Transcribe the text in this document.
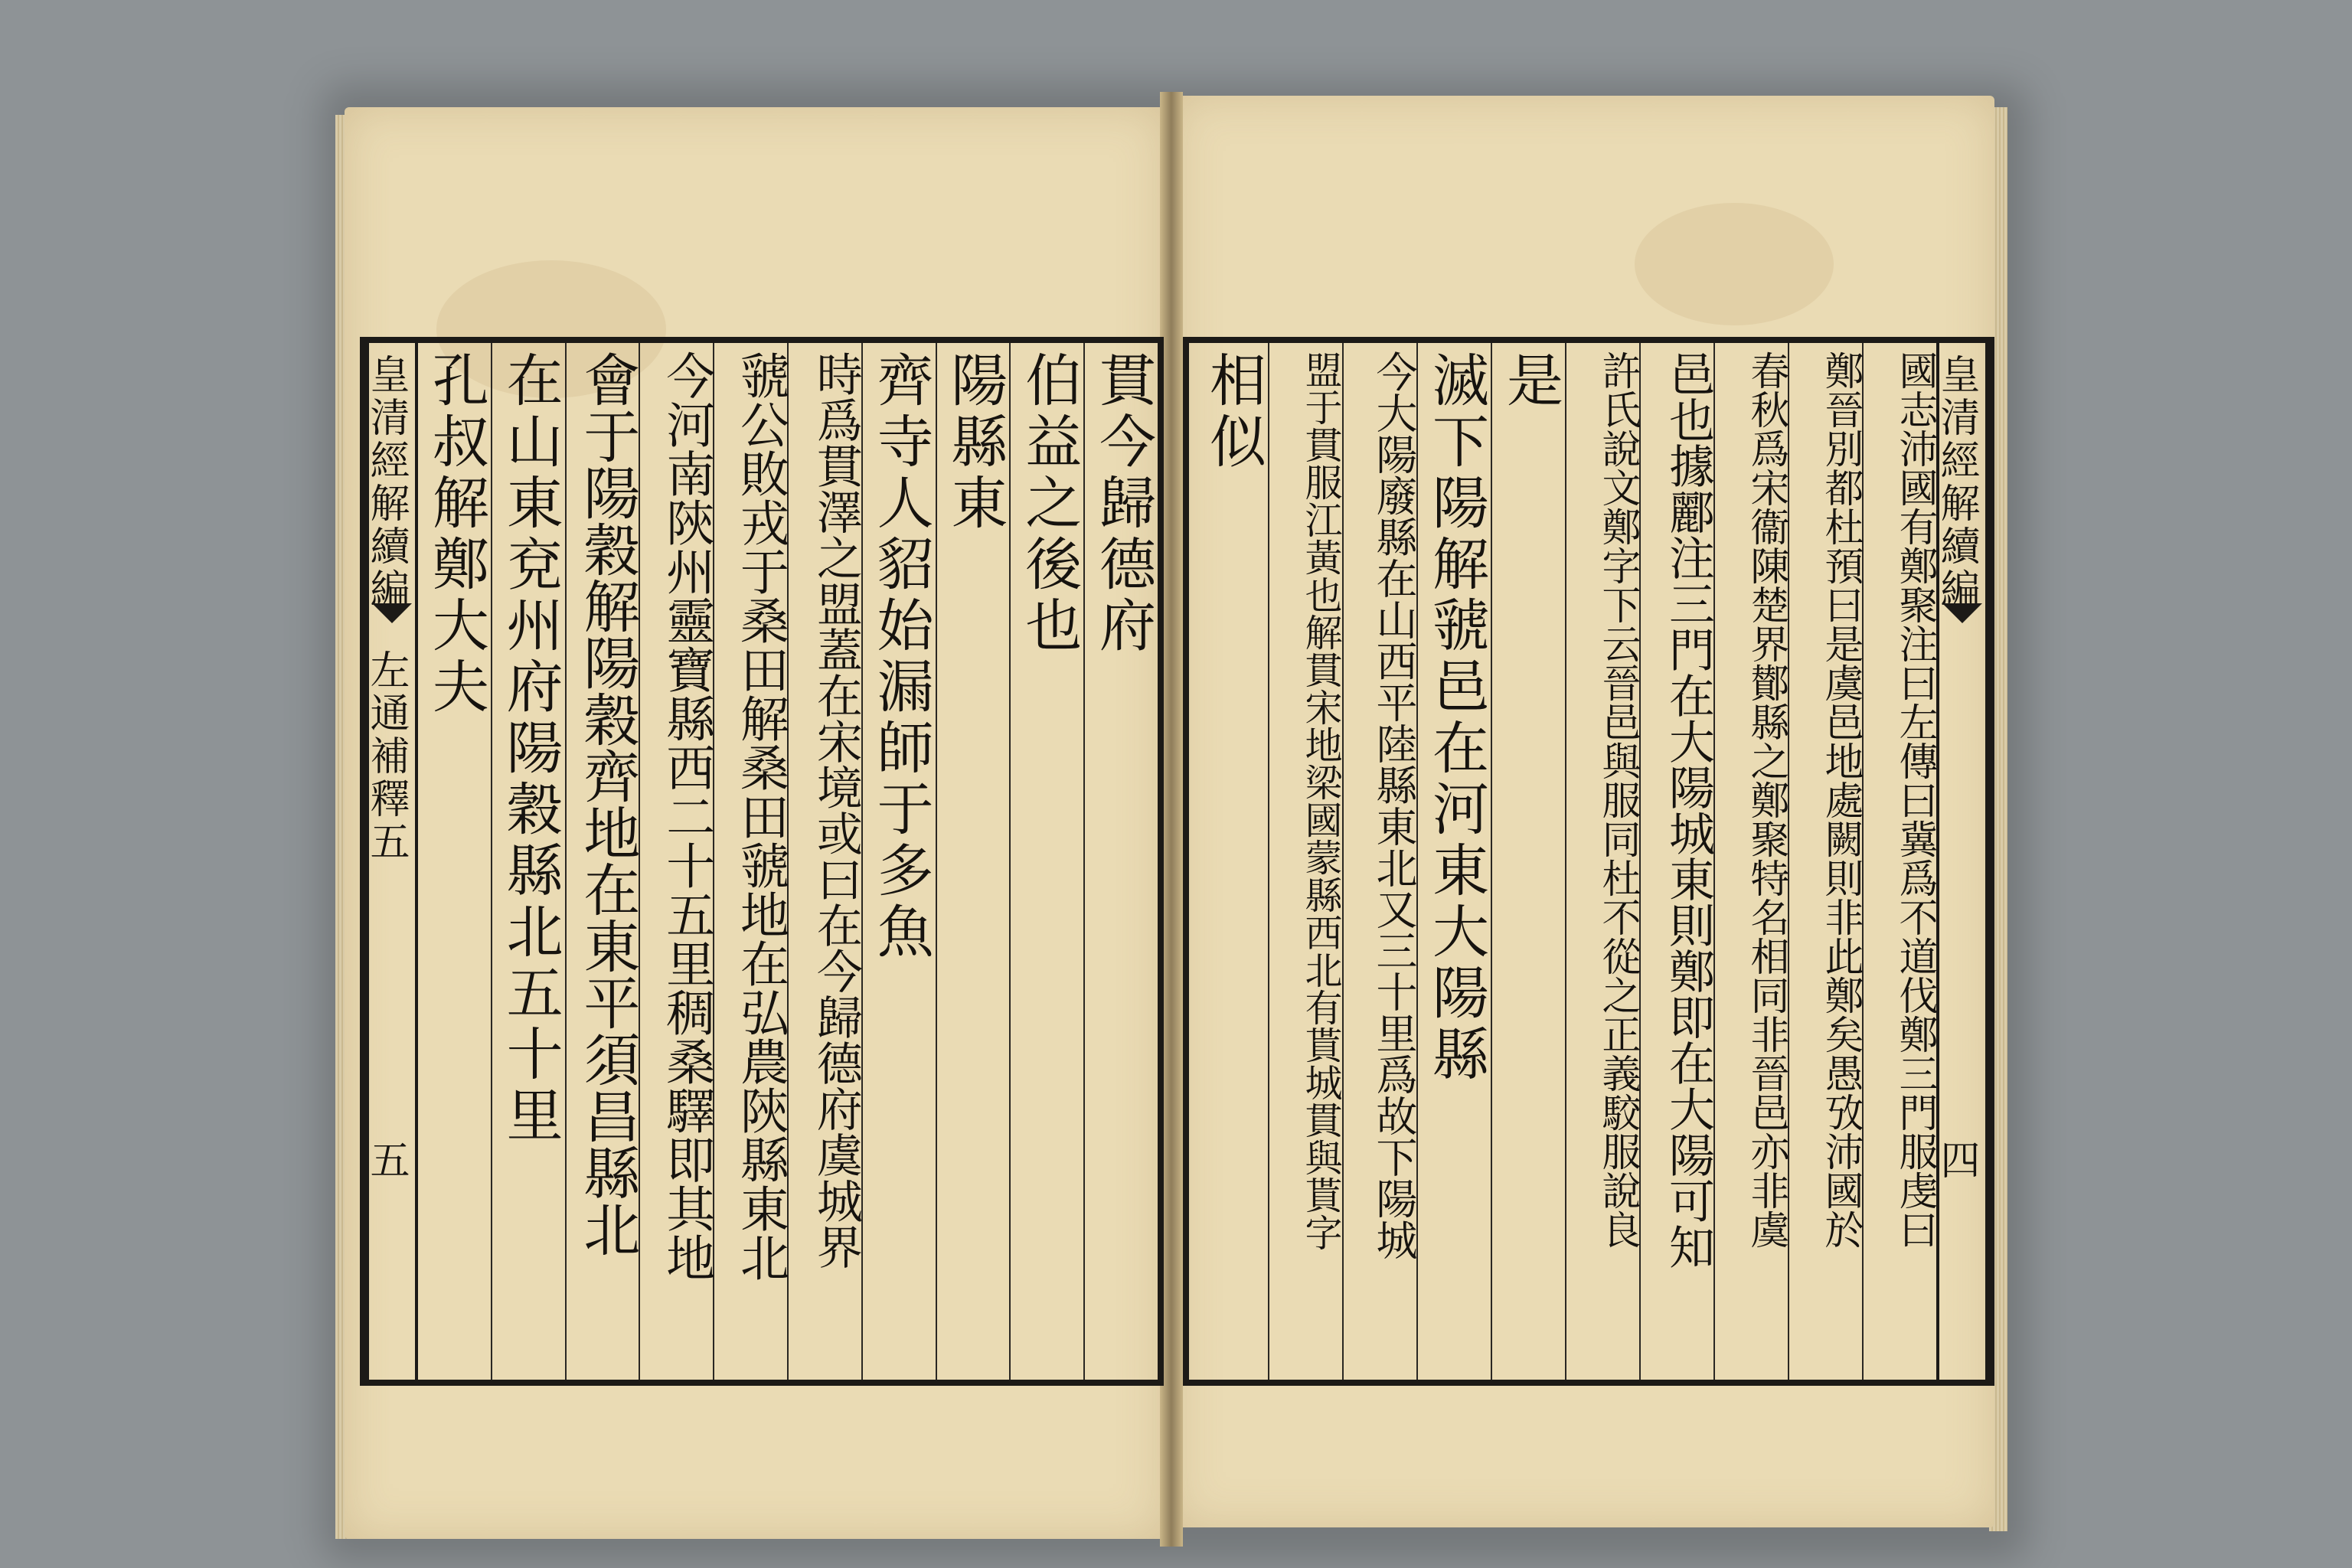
貫今歸德府
伯益之後也
陽縣東
齊寺人貂始漏師于多魚
時爲貫澤之盟蓋在宋境或曰在今歸德府虞城界
虢公敗戎于桑田解桑田虢地在弘農陝縣東北
今河南陝州靈寶縣西二十五里稠桑驛即其地
會于陽穀解陽穀齊地在東平須昌縣北
在山東兗州府陽穀縣北五十里
孔叔解鄭大夫
皇清經解續編
左通補釋五
五	國志沛國有鄭聚注曰左傳曰冀爲不道伐鄭三門服虔曰
鄭晉別都杜預曰是虞邑地處闕則非此鄭矣愚攷沛國於
春秋爲宋衞陳楚界鄼縣之鄭聚特名相同非晉邑亦非虞
邑也據酈注三門在大陽城東則鄭即在大陽可知
許氏說文鄭字下云晉邑與服同杜不從之正義駮服說良
是
滅下陽解虢邑在河東大陽縣
今大陽廢縣在山西平陸縣東北又三十里爲故下陽城
盟于貫服江黃也解貫宋地梁國蒙縣西北有貰城貫與貰字
相似	皇清經解續編
四
